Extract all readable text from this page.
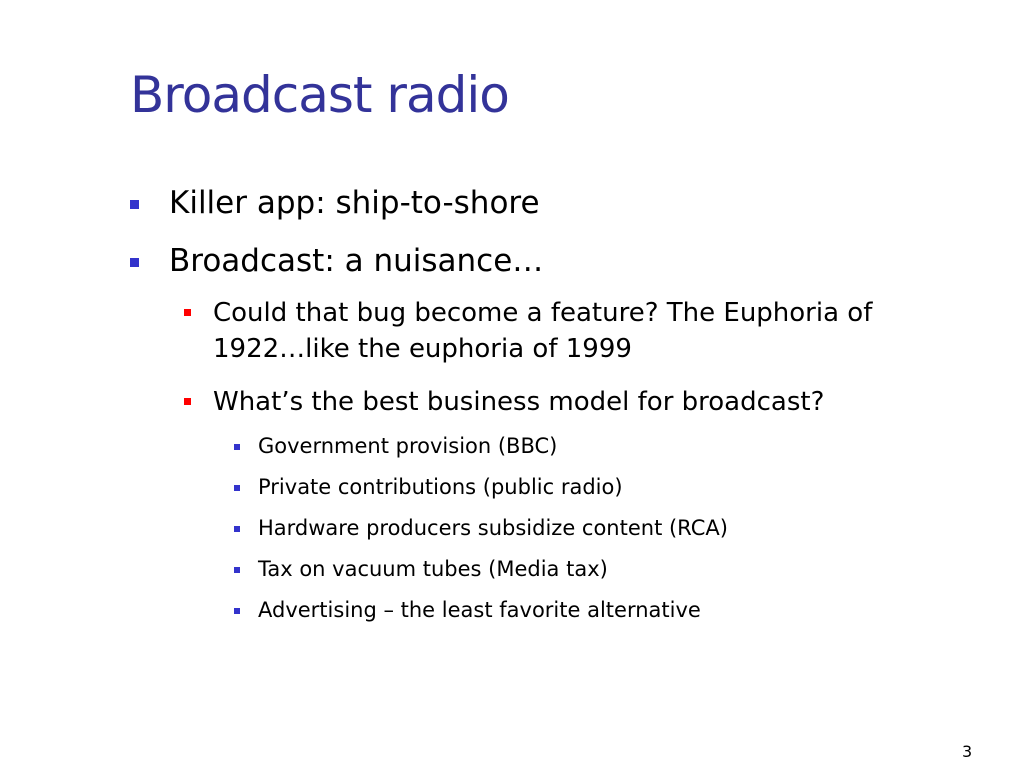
Broadcast radio
Killer app: ship-to-shore
Broadcast: a nuisance…
Could that bug become a feature? The Euphoria of 1922…like the euphoria of 1999
What’s the best business model for broadcast?
Government provision (BBC)
Private contributions (public radio)
Hardware producers subsidize content (RCA)
Tax on vacuum tubes (Media tax)
Advertising – the least favorite alternative
3
